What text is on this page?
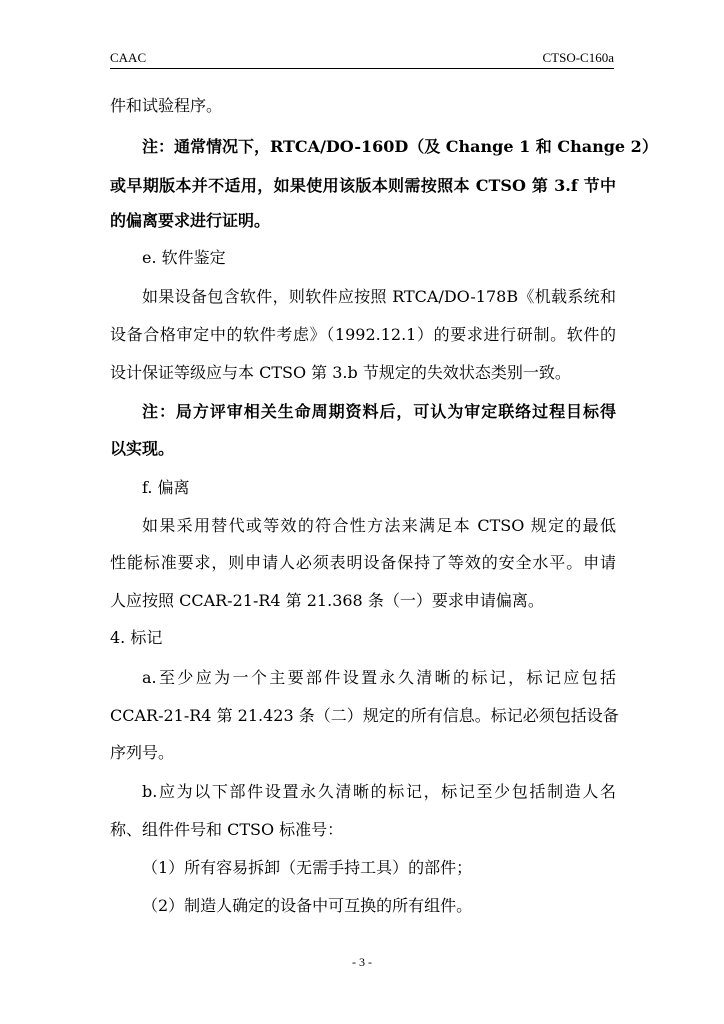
CAAC	CTSO-C160a
件和试验程序。
注：通常情况下，RTCA/DO-160D（及 Change 1 和 Change 2）
或早期版本并不适用，如果使用该版本则需按照本 CTSO 第 3.f 节中
的偏离要求进行证明。
e. 软件鉴定
如果设备包含软件，则软件应按照 RTCA/DO-178B《机载系统和
设备合格审定中的软件考虑》（1992.12.1）的要求进行研制。软件的
设计保证等级应与本 CTSO 第 3.b 节规定的失效状态类别一致。
注：局方评审相关生命周期资料后，可认为审定联络过程目标得
以实现。
f. 偏离
如果采用替代或等效的符合性方法来满足本 CTSO 规定的最低
性能标准要求，则申请人必须表明设备保持了等效的安全水平。申请
人应按照 CCAR-21-R4 第 21.368 条（一）要求申请偏离。
4. 标记
a.至少应为一个主要部件设置永久清晰的标记，标记应包括
CCAR-21-R4 第 21.423 条（二）规定的所有信息。标记必须包括设备
序列号。
b.应为以下部件设置永久清晰的标记，标记至少包括制造人名
称、组件件号和 CTSO 标准号：
（1）所有容易拆卸（无需手持工具）的部件；
（2）制造人确定的设备中可互换的所有组件。
- 3 -
